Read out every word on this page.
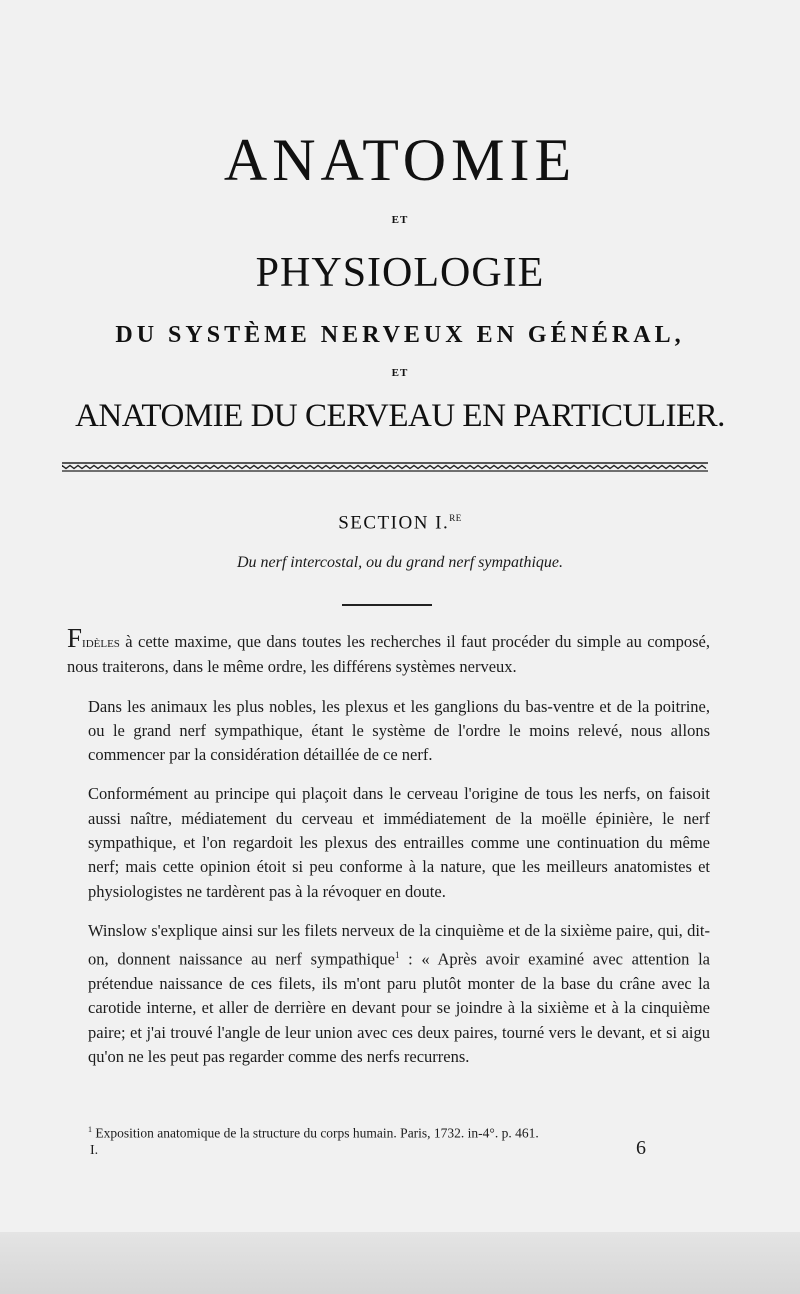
ANATOMIE
ET
PHYSIOLOGIE
DU SYSTÈME NERVEUX EN GÉNÉRAL,
ET
ANATOMIE DU CERVEAU EN PARTICULIER.
SECTION I.$^{RE}$
Du nerf intercostal, ou du grand nerf sympathique.

Fidèles à cette maxime, que dans toutes les recherches il faut procéder du simple au composé, nous traiterons, dans le même ordre, les différens systèmes nerveux.

Dans les animaux les plus nobles, les plexus et les ganglions du bas-ventre et de la poitrine, ou le grand nerf sympathique, étant le système de l'ordre le moins relevé, nous allons commencer par la considération détaillée de ce nerf.

Conformément au principe qui plaçoit dans le cerveau l'origine de tous les nerfs, on faisoit aussi naître, médiatement du cerveau et immédiatement de la moëlle épinière, le nerf sympathique, et l'on regardoit les plexus des entrailles comme une continuation du même nerf; mais cette opinion étoit si peu conforme à la nature, que les meilleurs anatomistes et physiologistes ne tardèrent pas à la révoquer en doute.

Winslow s'explique ainsi sur les filets nerveux de la cinquième et de la sixième paire, qui, dit-on, donnent naissance au nerf sympathique$^1$ : « Après avoir examiné avec attention la prétendue naissance de ces filets, ils m'ont paru plutôt monter de la base du crâne avec la carotide interne, et aller de derrière en devant pour se joindre à la sixième et à la cinquième paire; et j'ai trouvé l'angle de leur union avec ces deux paires, tourné vers le devant, et si aigu qu'on ne les peut pas regarder comme des nerfs recurrens.

$^1$ Exposition anatomique de la structure du corps humain. Paris, 1732. in-4°. p. 461.
I.	6
